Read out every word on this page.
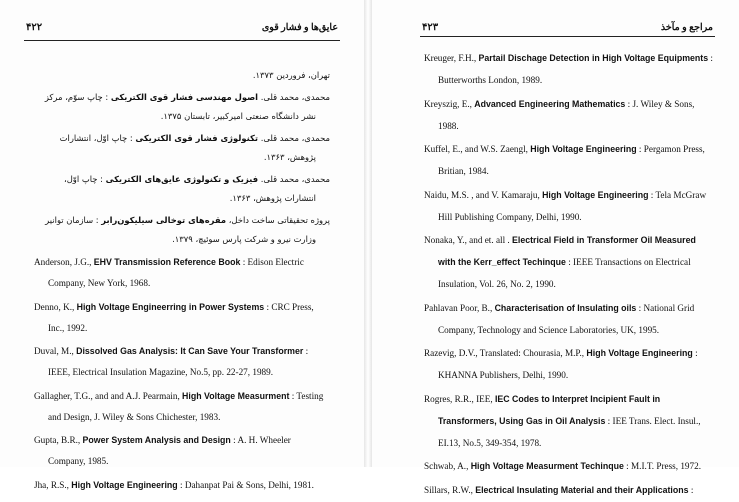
۴۲۲	عایق‌ها و فشار قوی
تهران، فروردین ۱۳۷۳.
محمدی، محمد قلی. اصول مهندسی فشار قوی الکتریکی : چاپ سوّم، مرکز نشر دانشگاه صنعتی امیرکبیر، تابستان ۱۳۷۵.
محمدی، محمد قلی. تکنولوژی فشار قوی الکتریکی : چاپ اوّل، انتشارات پژوهش، ۱۳۶۳.
محمدی، محمد قلی. فیزیک و تکنولوژی عایق‌های الکتریکی : چاپ اوّل، انتشارات پژوهش، ۱۳۶۳.
پروژه تحقیقاتی ساخت داخل، مقره‌های توخالی سیلیکون‌رابر : سازمان توانیر وزارت نیرو و شرکت پارس سوئیچ، ۱۳۷۹.
Anderson, J.G., EHV Transmission Reference Book : Edison Electric Company, New York, 1968.
Denno, K., High Voltage Engineerring in Power Systems : CRC Press, Inc., 1992.
Duval, M., Dissolved Gas Analysis: It Can Save Your Transformer : IEEE, Electrical Insulation Magazine, No.5, pp. 22-27, 1989.
Gallagher, T.G., and and A.J. Pearmain, High Voltage Measurment : Testing and Design, J. Wiley & Sons Chichester, 1983.
Gupta, B.R., Power System Analysis and Design : A. H. Wheeler Company, 1985.
Jha, R.S., High Voltage Engineering : Dahanpat Pai & Sons, Delhi, 1981.
۴۲۳	مراجع و مآخذ
Kreuger, F.H., Partail Dischage Detection in High Voltage Equipments : Butterworths London, 1989.
Kreyszig, E., Advanced Engineering Mathematics : J. Wiley & Sons, 1988.
Kuffel, E., and W.S. Zaengl, High Voltage Engineering : Pergamon Press, Britian, 1984.
Naidu, M.S. , and V. Kamaraju, High Voltage Engineering : Tela McGraw Hill Publishing Company, Delhi, 1990.
Nonaka, Y., and et. all . Electrical Field in Transformer Oil Measured with the Kerr_effect Techinque : IEEE Transactions on Electrical Insulation, Vol. 26, No. 2, 1990.
Pahlavan Poor, B., Characterisation of Insulating oils : National Grid Company, Technology and Science Laboratories, UK, 1995.
Razevig, D.V., Translated: Chourasia, M.P., High Voltage Engineering : KHANNA Publishers, Delhi, 1990.
Rogres, R.R., IEE, IEC Codes to Interpret Incipient Fault in Transformers, Using Gas in Oil Analysis : IEE Trans. Elect. Insul., EI.13, No.5, 349-354, 1978.
Schwab, A., High Voltage Measurment Techinque : M.I.T. Press, 1972.
Sillars, R.W., Electrical Insulating Material and their Applications :
